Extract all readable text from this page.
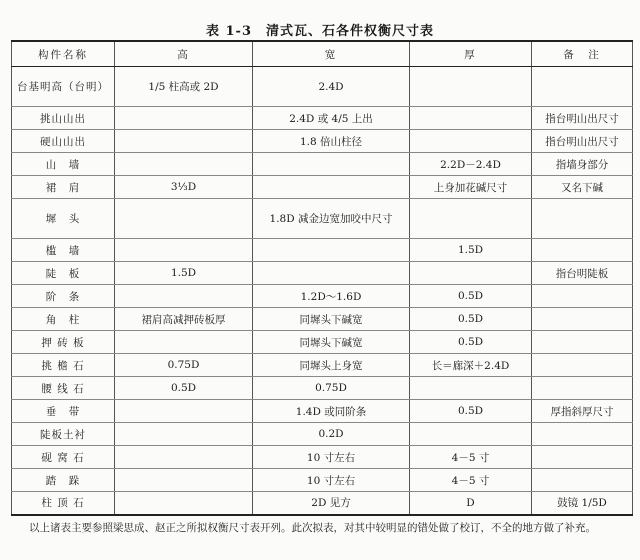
表 1-3　清式瓦、石各件权衡尺寸表
构件名称	高	宽	厚	备　注
台基明高（台明）	1/5 柱高或 2D	2.4D		
挑山山出		2.4D 或 4/5 上出		指台明山出尺寸
硬山山出		1.8 倍山柱径		指台明山出尺寸
山　墙			2.2D－2.4D	指墙身部分
裙　肩	3⅓D		上身加花碱尺寸	又名下碱
墀　头		1.8D 减金边宽加咬中尺寸		
槛　墙			1.5D	
陡　板	1.5D			指台明陡板
阶　条		1.2D～1.6D	0.5D	
角　柱	裙肩高减押砖板厚	同墀头下碱宽	0.5D	
押 砖 板		同墀头下碱宽	0.5D	
挑 檐 石	0.75D	同墀头上身宽	长＝廊深＋2.4D	
腰 线 石	0.5D	0.75D		
垂　带		1.4D 或同阶条	0.5D	厚指斜厚尺寸
陡板土衬		0.2D		
砚 窝 石		10 寸左右	4－5 寸	
踏　跺		10 寸左右	4－5 寸	
柱 顶 石		2D 见方	D	鼓镜 1/5D
以上诸表主要参照梁思成、赵正之所拟权衡尺寸表开列。此次拟表，对其中较明显的错处做了校订，不全的地方做了补充。
